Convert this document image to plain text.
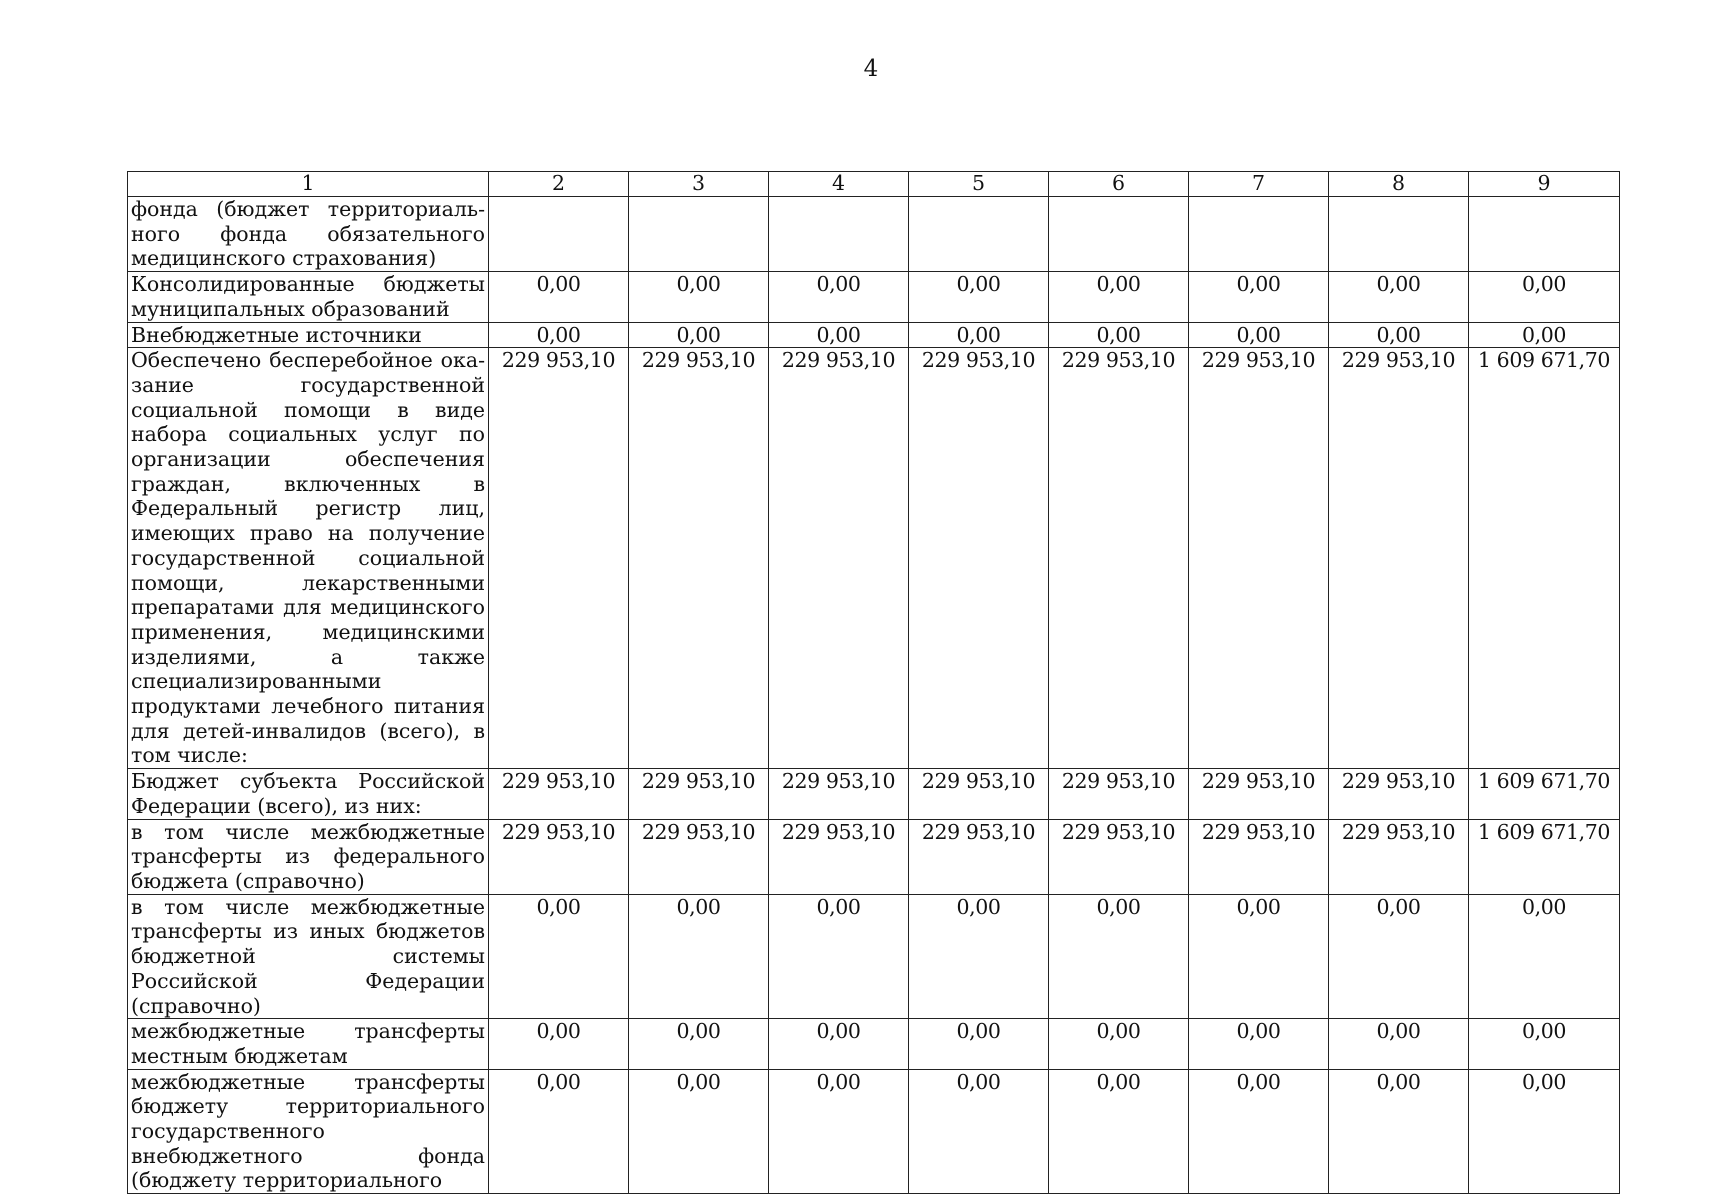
4
1	2	3	4	5	6	7	8	9
фонда (бюджет территориального фонда обязательного медицинского страхования)								
Консолидированные бюджеты муниципальных образований	0,00	0,00	0,00	0,00	0,00	0,00	0,00	0,00
Внебюджетные источники	0,00	0,00	0,00	0,00	0,00	0,00	0,00	0,00
Обеспечено бесперебойное оказание государственной социальной помощи в виде набора социальных услуг по организации обеспечения граждан, включенных в Федеральный регистр лиц, имеющих право на получение государственной социальной помощи, лекарственными препаратами для медицинского применения, медицинскими изделиями, а также специализированными продуктами лечебного питания для детей-инвалидов (всего), в том числе:	229 953,10	229 953,10	229 953,10	229 953,10	229 953,10	229 953,10	229 953,10	1 609 671,70
Бюджет субъекта Российской Федерации (всего), из них:	229 953,10	229 953,10	229 953,10	229 953,10	229 953,10	229 953,10	229 953,10	1 609 671,70
в том числе межбюджетные трансферты из федерального бюджета (справочно)	229 953,10	229 953,10	229 953,10	229 953,10	229 953,10	229 953,10	229 953,10	1 609 671,70
в том числе межбюджетные трансферты из иных бюджетов бюджетной системы Российской Федерации (справочно)	0,00	0,00	0,00	0,00	0,00	0,00	0,00	0,00
межбюджетные трансферты местным бюджетам	0,00	0,00	0,00	0,00	0,00	0,00	0,00	0,00
межбюджетные трансферты бюджету территориального государственного внебюджетного фонда (бюджету территориального	0,00	0,00	0,00	0,00	0,00	0,00	0,00	0,00
